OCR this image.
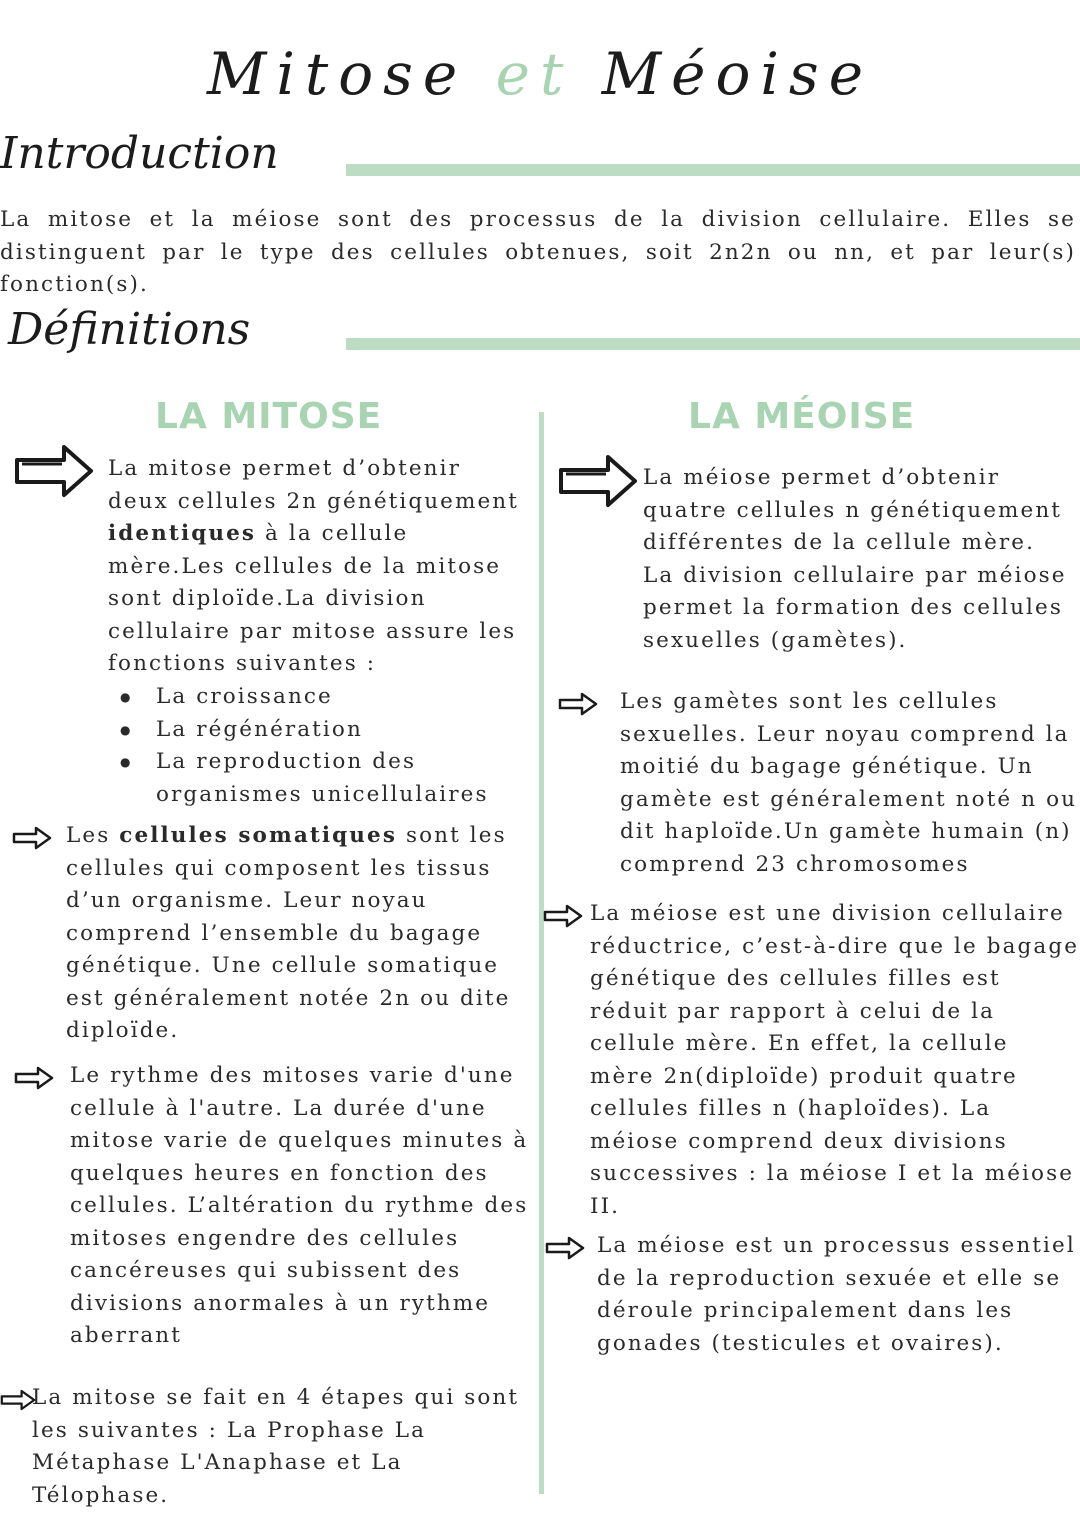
Mitose et Méoise
Introduction
La mitose et la méiose sont des processus de la division cellulaire. Elles se distinguent par le type des cellules obtenues, soit 2n2n ou nn, et par leur(s) fonction(s).
Définitions
LA MITOSE	LA MÉOISE
La mitose permet d’obtenir deux cellules 2n génétiquement identiques à la cellule mère.Les cellules de la mitose sont diploïde.La division cellulaire par mitose assure les fonctions suivantes :
● La croissance
● La régénération
● La reproduction des organismes unicellulaires
Les cellules somatiques sont les cellules qui composent les tissus d’un organisme. Leur noyau comprend l’ensemble du bagage génétique. Une cellule somatique est généralement notée 2n ou dite diploïde.
Le rythme des mitoses varie d'une cellule à l'autre. La durée d'une mitose varie de quelques minutes à quelques heures en fonction des cellules. L’altération du rythme des mitoses engendre des cellules cancéreuses qui subissent des divisions anormales à un rythme aberrant
La mitose se fait en 4 étapes qui sont les suivantes : La Prophase La Métaphase L'Anaphase et La Télophase.
La méiose permet d’obtenir quatre cellules n génétiquement différentes de la cellule mère. La division cellulaire par méiose permet la formation des cellules sexuelles (gamètes).
Les gamètes sont les cellules sexuelles. Leur noyau comprend la moitié du bagage génétique. Un gamète est généralement noté n ou dit haploïde.Un gamète humain (n) comprend 23 chromosomes
La méiose est une division cellulaire réductrice, c’est-à-dire que le bagage génétique des cellules filles est réduit par rapport à celui de la cellule mère. En effet, la cellule mère 2n(diploïde) produit quatre cellules filles n (haploïdes). La méiose comprend deux divisions successives : la méiose I et la méiose II.
La méiose est un processus essentiel de la reproduction sexuée et elle se déroule principalement dans les gonades (testicules et ovaires).
